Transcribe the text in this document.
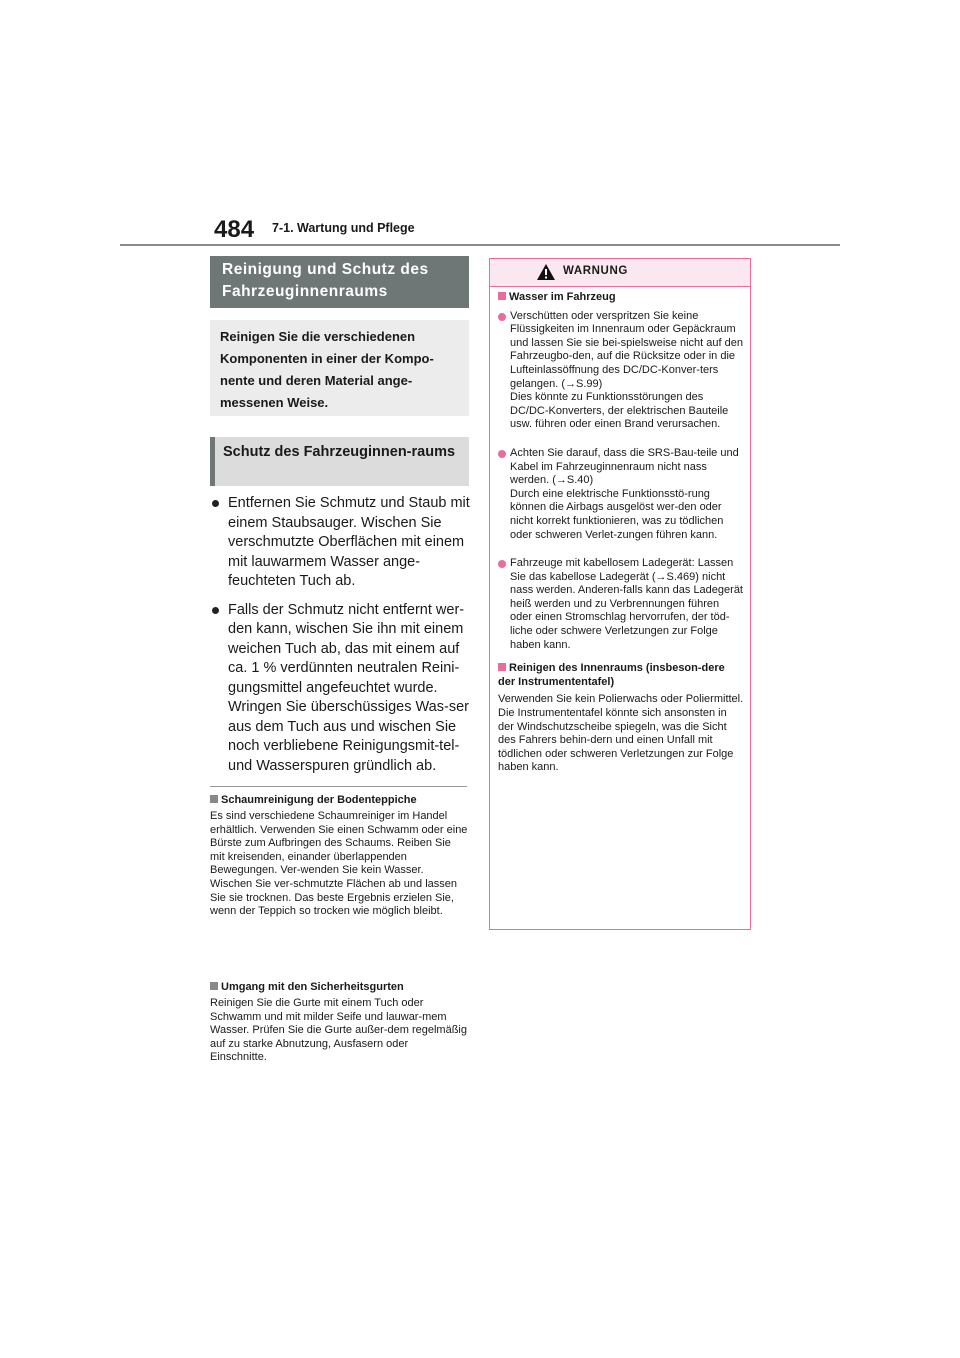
484 7-1. Wartung und Pflege
Reinigung und Schutz des Fahrzeuginnenraums
Reinigen Sie die verschiedenen Komponenten in einer der Kompo-nente und deren Material ange-messenen Weise.
Schutz des Fahrzeuginnen-raums
Entfernen Sie Schmutz und Staub mit einem Staubsauger. Wischen Sie verschmutzte Oberflächen mit einem mit lauwarmem Wasser ange-feuchteten Tuch ab.
Falls der Schmutz nicht entfernt wer-den kann, wischen Sie ihn mit einem weichen Tuch ab, das mit einem auf ca. 1 % verdünnten neutralen Reini-gungsmittel angefeuchtet wurde. Wringen Sie überschüssiges Was-ser aus dem Tuch aus und wischen Sie noch verbliebene Reinigungsmit-tel- und Wasserspuren gründlich ab.
Schaumreinigung der Bodenteppiche

Es sind verschiedene Schaumreiniger im Handel erhältlich. Verwenden Sie einen Schwamm oder eine Bürste zum Aufbringen des Schaums. Reiben Sie mit kreisenden, einander überlappenden Bewegungen. Ver-wenden Sie kein Wasser. Wischen Sie ver-schmutzte Flächen ab und lassen Sie sie trocknen. Das beste Ergebnis erzielen Sie, wenn der Teppich so trocken wie möglich bleibt.

Umgang mit den Sicherheitsgurten

Reinigen Sie die Gurte mit einem Tuch oder Schwamm und mit milder Seife und lauwar-mem Wasser. Prüfen Sie die Gurte außer-dem regelmäßig auf zu starke Abnutzung, Ausfasern oder Einschnitte.

WARNUNG
Wasser im Fahrzeug

Verschütten oder verspritzen Sie keine Flüssigkeiten im Innenraum oder Gepäckraum und lassen Sie sie bei-spielsweise nicht auf den Fahrzeugbo-den, auf die Rücksitze oder in die Lufteinlassöffnung des DC/DC-Konver-ters gelangen. (→S.99)

Dies könnte zu Funktionsstörungen des DC/DC-Konverters, der elektrischen Bauteile usw. führen oder einen Brand verursachen.

Achten Sie darauf, dass die SRS-Bau-teile und Kabel im Fahrzeuginnenraum nicht nass werden. (→S.40)

Durch eine elektrische Funktionsstö-rung können die Airbags ausgelöst wer-den oder nicht korrekt funktionieren, was zu tödlichen oder schweren Verlet-zungen führen kann.

Fahrzeuge mit kabellosem Ladegerät: Lassen Sie das kabellose Ladegerät (→S.469) nicht nass werden. Anderen-falls kann das Ladegerät heiß werden und zu Verbrennungen führen oder einen Stromschlag hervorrufen, der töd-liche oder schwere Verletzungen zur Folge haben kann.

Reinigen des Innenraums (insbeson-dere der Instrumententafel)

Verwenden Sie kein Polierwachs oder Poliermittel. Die Instrumententafel könnte sich ansonsten in der Windschutzscheibe spiegeln, was die Sicht des Fahrers behin-dern und einen Unfall mit tödlichen oder schweren Verletzungen zur Folge haben kann.
